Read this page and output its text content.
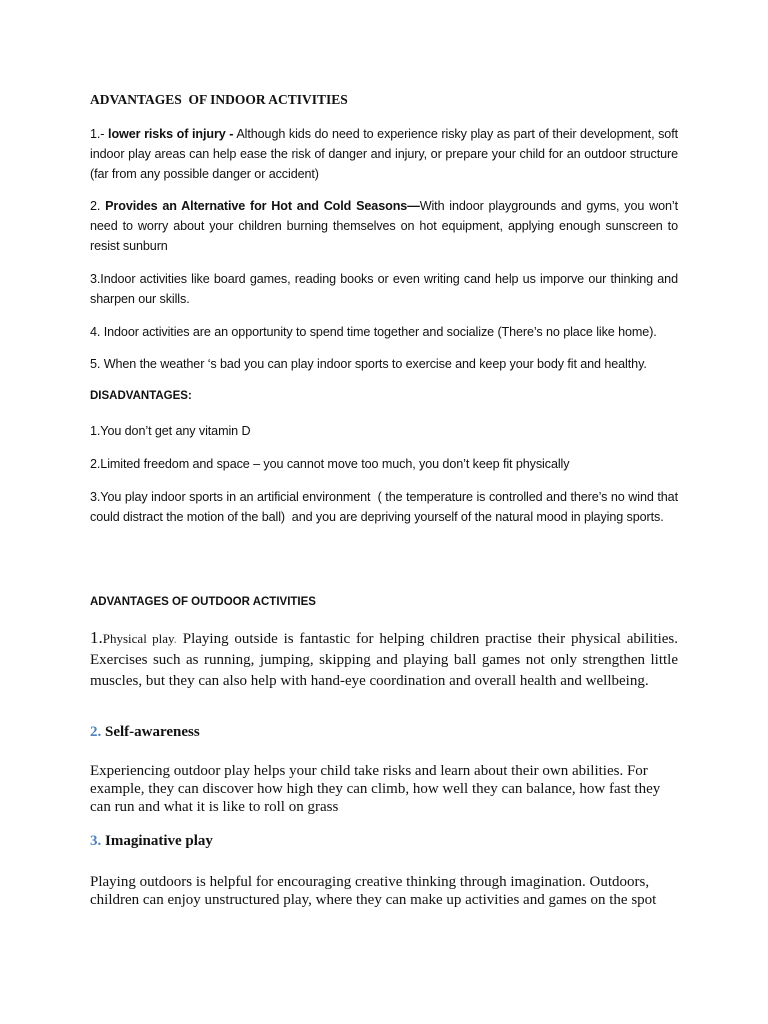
ADVANTAGES  OF INDOOR ACTIVITIES

1.- lower risks of injury - Although kids do need to experience risky play as part of their development, soft indoor play areas can help ease the risk of danger and injury, or prepare your child for an outdoor structure (far from any possible danger or accident)

2. Provides an Alternative for Hot and Cold Seasons—With indoor playgrounds and gyms, you won’t need to worry about your children burning themselves on hot equipment, applying enough sunscreen to resist sunburn

3.Indoor activities like board games, reading books or even writing cand help us imporve our thinking and sharpen our skills.

4. Indoor activities are an opportunity to spend time together and socialize (There’s no place like home).

5. When the weather ‘s bad you can play indoor sports to exercise and keep your body fit and healthy.

DISADVANTAGES:

1.You don’t get any vitamin D

2.Limited freedom and space – you cannot move too much, you don’t keep fit physically

3.You play indoor sports in an artificial environment  ( the temperature is controlled and there’s no wind that could distract the motion of the ball)  and you are depriving yourself of the natural mood in playing sports.

ADVANTAGES OF OUTDOOR ACTIVITIES

1.Physical play. Playing outside is fantastic for helping children practise their physical abilities. Exercises such as running, jumping, skipping and playing ball games not only strengthen little muscles, but they can also help with hand-eye coordination and overall health and wellbeing.

2. Self-awareness

Experiencing outdoor play helps your child take risks and learn about their own abilities. For example, they can discover how high they can climb, how well they can balance, how fast they can run and what it is like to roll on grass

3. Imaginative play

Playing outdoors is helpful for encouraging creative thinking through imagination. Outdoors, children can enjoy unstructured play, where they can make up activities and games on the spot
